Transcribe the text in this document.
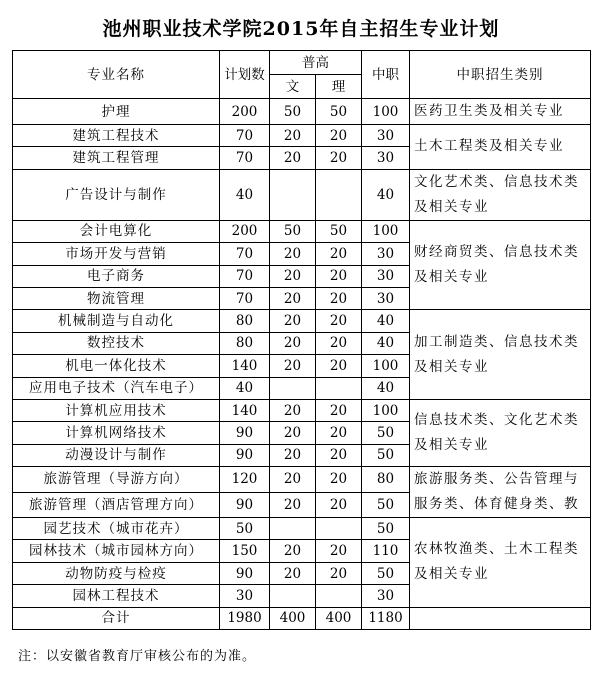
池州职业技术学院2015年自主招生专业计划
专业名称	计划数	普高		中职	中职招生类别
		文	理		
护理	200	50	50	100	医药卫生类及相关专业
建筑工程技术	70	20	20	30	土木工程类及相关专业
建筑工程管理	70	20	20	30	
广告设计与制作	40			40	文化艺术类、信息技术类及相关专业
会计电算化	200	50	50	100	财经商贸类、信息技术类及相关专业
市场开发与营销	70	20	20	30	
电子商务	70	20	20	30	
物流管理	70	20	20	30	
机械制造与自动化	80	20	20	40	加工制造类、信息技术类及相关专业
数控技术	80	20	20	40	
机电一体化技术	140	20	20	100	
应用电子技术（汽车电子）	40			40	
计算机应用技术	140	20	20	100	信息技术类、文化艺术类及相关专业
计算机网络技术	90	20	20	50	
动漫设计与制作	90	20	20	50	
旅游管理（导游方向）	120	20	20	80	旅游服务类、公告管理与服务类、体育健身类、教
旅游管理（酒店管理方向）	90	20	20	50	
园艺技术（城市花卉）	50			50	农林牧渔类、土木工程类及相关专业
园林技术（城市园林方向）	150	20	20	110	
动物防疫与检疫	90	20	20	50	
园林工程技术	30			30	
合计	1980	400	400	1180	
注：以安徽省教育厅审核公布的为准。
